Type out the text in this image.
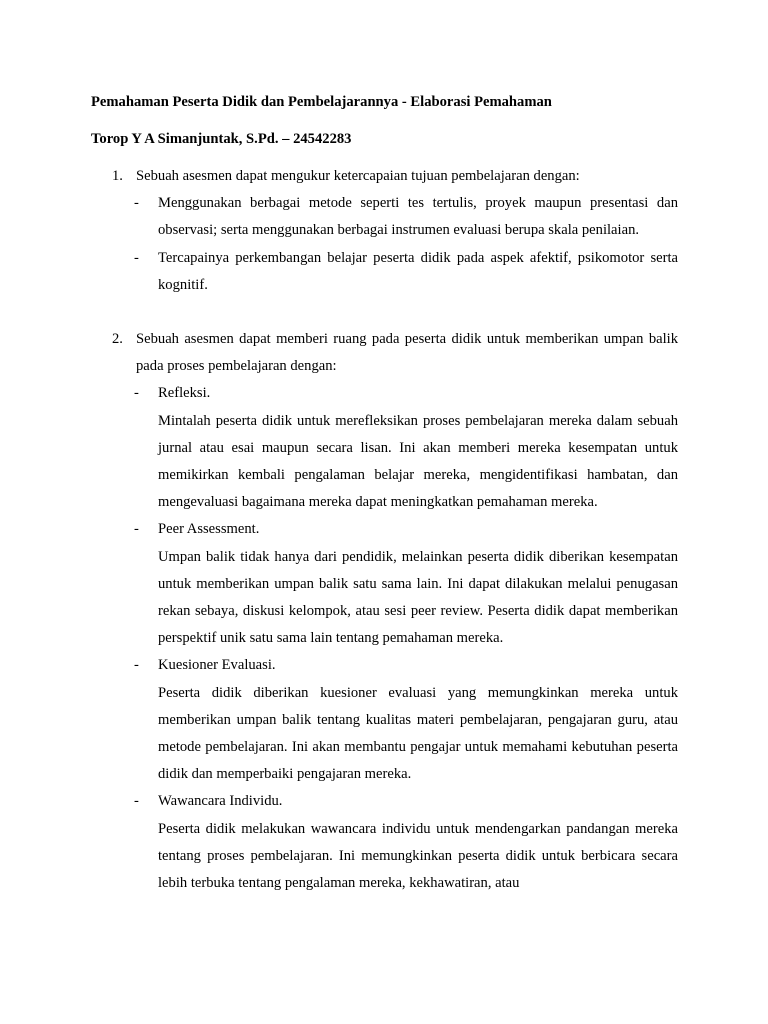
Pemahaman Peserta Didik dan Pembelajarannya - Elaborasi Pemahaman
Torop Y A Simanjuntak, S.Pd. – 24542283
1. Sebuah asesmen dapat mengukur ketercapaian tujuan pembelajaran dengan:
- Menggunakan berbagai metode seperti tes tertulis, proyek maupun presentasi dan observasi; serta menggunakan berbagai instrumen evaluasi berupa skala penilaian.
- Tercapainya perkembangan belajar peserta didik pada aspek afektif, psikomotor serta kognitif.
2. Sebuah asesmen dapat memberi ruang pada peserta didik untuk memberikan umpan balik pada proses pembelajaran dengan:
- Refleksi.
Mintalah peserta didik untuk merefleksikan proses pembelajaran mereka dalam sebuah jurnal atau esai maupun secara lisan. Ini akan memberi mereka kesempatan untuk memikirkan kembali pengalaman belajar mereka, mengidentifikasi hambatan, dan mengevaluasi bagaimana mereka dapat meningkatkan pemahaman mereka.
- Peer Assessment.
Umpan balik tidak hanya dari pendidik, melainkan peserta didik diberikan kesempatan untuk memberikan umpan balik satu sama lain. Ini dapat dilakukan melalui penugasan rekan sebaya, diskusi kelompok, atau sesi peer review. Peserta didik dapat memberikan perspektif unik satu sama lain tentang pemahaman mereka.
- Kuesioner Evaluasi.
Peserta didik diberikan kuesioner evaluasi yang memungkinkan mereka untuk memberikan umpan balik tentang kualitas materi pembelajaran, pengajaran guru, atau metode pembelajaran. Ini akan membantu pengajar untuk memahami kebutuhan peserta didik dan memperbaiki pengajaran mereka.
- Wawancara Individu.
Peserta didik melakukan wawancara individu untuk mendengarkan pandangan mereka tentang proses pembelajaran. Ini memungkinkan peserta didik untuk berbicara secara lebih terbuka tentang pengalaman mereka, kekhawatiran, atau
